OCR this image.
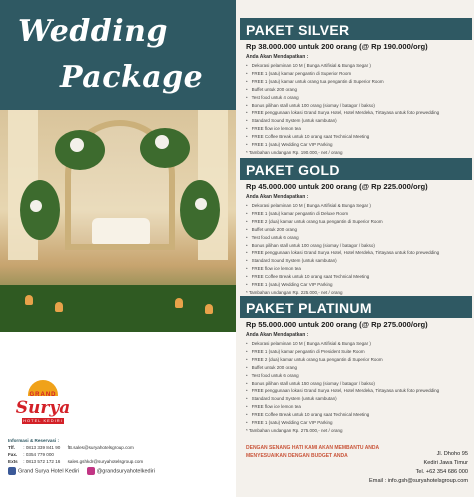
Wedding
Package
GRAND
Surya
HOTEL KEDIRI
Informasi & Reservasi :
Tlf. : 0813 339 841 90 fB.sales@suryahotelsgroup.com
Fax. : 0354 779 000
Exts : 0813 572 172 16 sales.gshkdr@suryahotelsgroup.com
Grand Surya Hotel Kediri	@grandsuryahotelkediri
PAKET SILVER
Rp 38.000.000 untuk 200 orang (@ Rp 190.000/org)
Anda Akan Mendapatkan :
• Dekorasi pelaminan 10 M ( Bunga Artifisial & Bunga Segar )
• FREE 1 (satu) kamar pengantin di Superior Room
• FREE 1 (satu) kamar untuk orang tua pengantin di Superior Room
• Buffet untuk 200 orang
• Test food untuk 4 orang
• Bonus pilihan stall untuk 100 orang (siomay / batagor / bakso)
• FREE penggunaan lokasi Grand Surya Hotel, Hotel Merdeka, Tirtayasa untuk foto prewedding
• Standard Sound System (untuk sambutan)
• FREE flow ice lemon tea
• FREE Coffee Break untuk 10 orang saat Technical Meeting
• FREE 1 (satu) Wedding Car VIP Parking
* Tambahan undangan Rp. 190.000,- net / orang
PAKET GOLD
Rp 45.000.000 untuk 200 orang (@ Rp 225.000/org)
Anda Akan Mendapatkan :
• Dekorasi pelaminan 10 M ( Bunga Artifisial & Bunga Segar )
• FREE 1 (satu) kamar pengantin di Deluxe Room
• FREE 2 (dua) kamar untuk orang tua pengantin di Superior Room
• Buffet untuk 200 orang
• Test food untuk 6 orang
• Bonus pilihan stall untuk 100 orang (siomay / batagor / bakso)
• FREE penggunaan lokasi Grand Surya Hotel, Hotel Merdeka, Tirtayasa untuk foto prewedding
• Standard Sound System (untuk sambutan)
• FREE flow ice lemon tea
• FREE Coffee Break untuk 10 orang saat Technical Meeting
• FREE 1 (satu) Wedding Car VIP Parking
* Tambahan undangan Rp. 225.000,- net / orang
PAKET PLATINUM
Rp 55.000.000 untuk 200 orang (@ Rp 275.000/org)
Anda Akan Mendapatkan :
• Dekorasi pelaminan 10 M ( Bunga Artifisial & Bunga Segar )
• FREE 1 (satu) kamar pengantin di President Suite Room
• FREE 2 (dua) kamar untuk orang tua pengantin di Superior Room
• Buffet untuk 200 orang
• Test food untuk 6 orang
• Bonus pilihan stall untuk 150 orang (siomay / batagor / bakso)
• FREE penggunaan lokasi Grand Surya Hotel, Hotel Merdeka, Tirtayasa untuk foto prewedding
• Standard Sound System (untuk sambutan)
• FREE flow ice lemon tea
• FREE Coffee Break untuk 10 orang saat Technical Meeting
• FREE 1 (satu) Wedding Car VIP Parking
* Tambahan undangan Rp. 275.000,- net / orang
DENGAN SENANG HATI KAMI AKAN MEMBANTU ANDA
MENYESUAIKAN DENGAN BUDGET ANDA	Jl. Dhoho 95
Kediri Jawa Timur
Tel. +62 354 686 000
Email : info.gsh@suryahotelsgroup.com
